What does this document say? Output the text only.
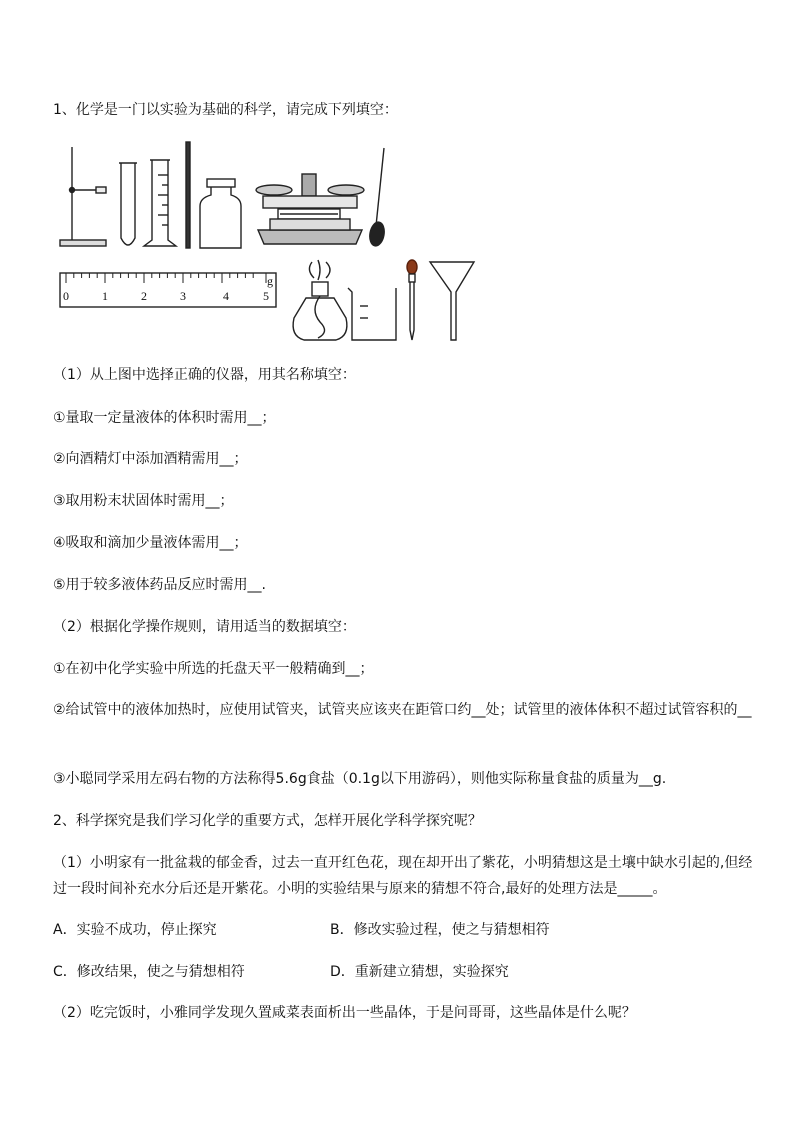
1、化学是一门以实验为基础的科学，请完成下列填空：
0	1	2	3	4	5
g
（1）从上图中选择正确的仪器，用其名称填空：
①量取一定量液体的体积时需用__；
②向酒精灯中添加酒精需用__；
③取用粉末状固体时需用__；
④吸取和滴加少量液体需用__；
⑤用于较多液体药品反应时需用__.
（2）根据化学操作规则，请用适当的数据填空：
①在初中化学实验中所选的托盘天平一般精确到__；
②给试管中的液体加热时，应使用试管夹，试管夹应该夹在距管口约__处；试管里的液体体积不超过试管容积的__
③小聪同学采用左码右物的方法称得5.6g食盐（0.1g以下用游码），则他实际称量食盐的质量为__g.
2、科学探究是我们学习化学的重要方式，怎样开展化学科学探究呢？
（1）小明家有一批盆栽的郁金香，过去一直开红色花，现在却开出了紫花，小明猜想这是土壤中缺水引起的,但经过一段时间补充水分后还是开紫花。小明的实验结果与原来的猜想不符合,最好的处理方法是_____。
A．实验不成功，停止探究	B．修改实验过程，使之与猜想相符
C．修改结果，使之与猜想相符	D．重新建立猜想，实验探究
（2）吃完饭时，小雅同学发现久置咸菜表面析出一些晶体，于是问哥哥，这些晶体是什么呢？
